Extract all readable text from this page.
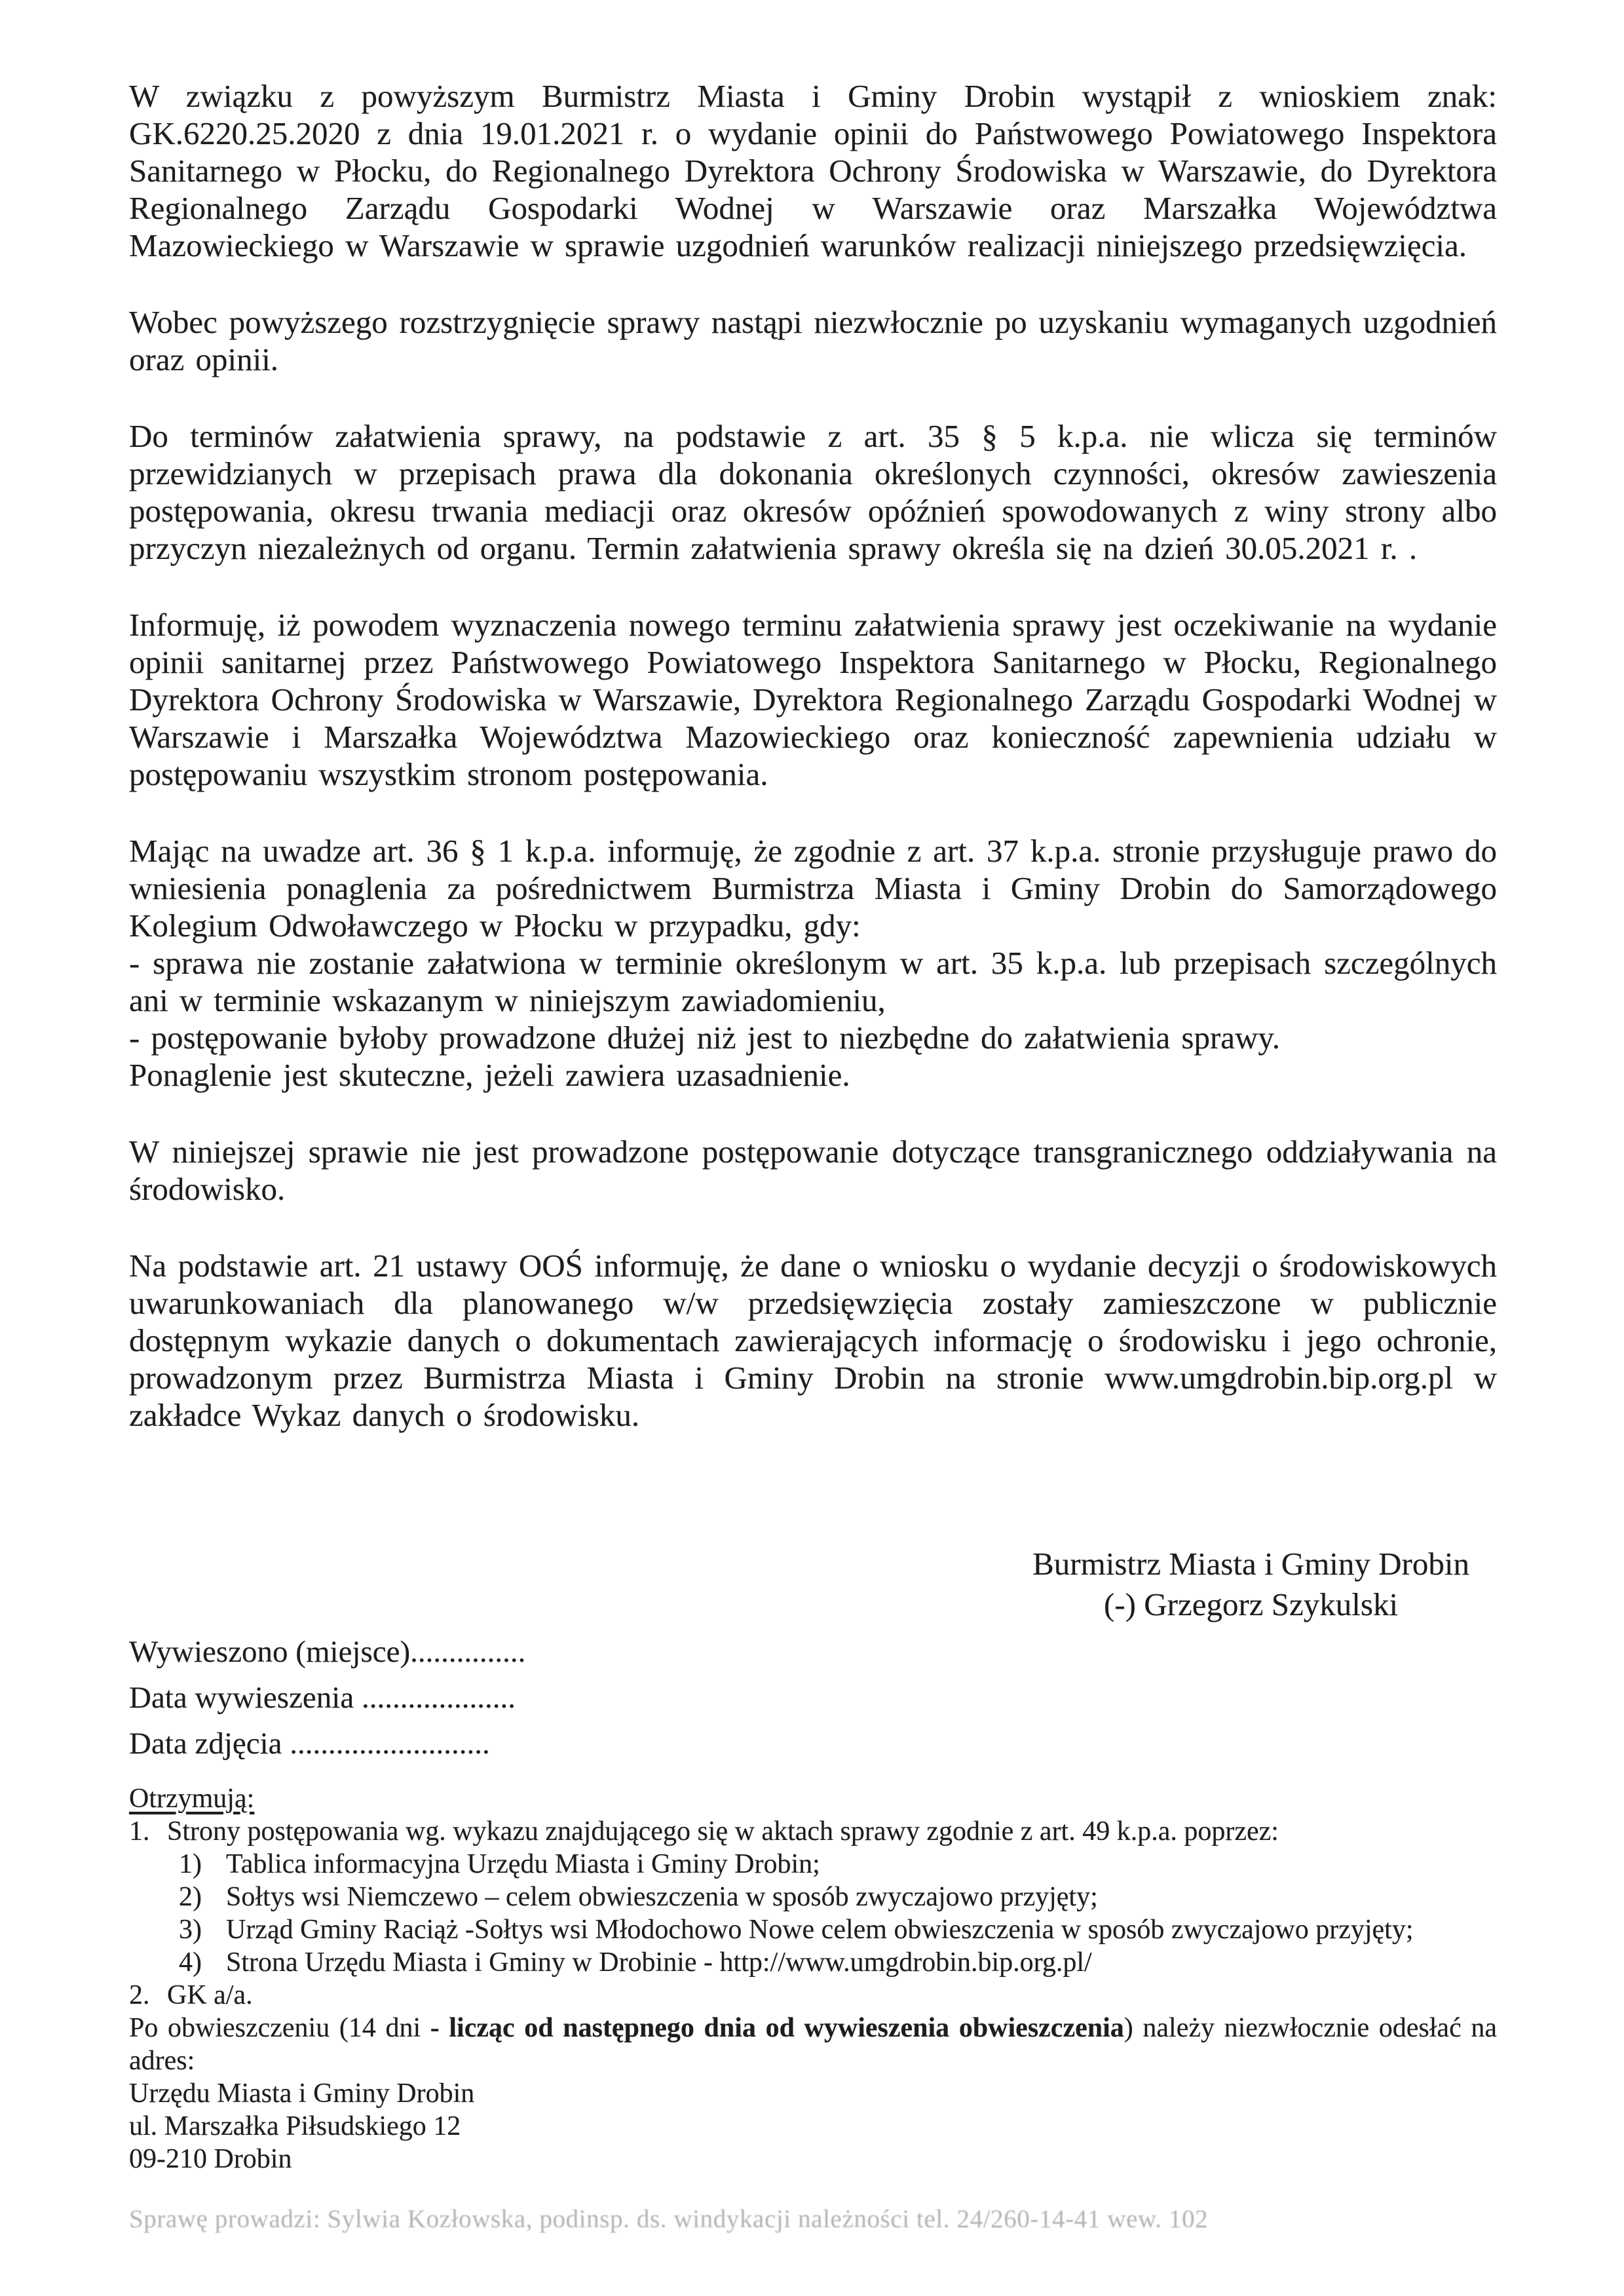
W związku z powyższym Burmistrz Miasta i Gminy Drobin wystąpił z wnioskiem znak: GK.6220.25.2020 z dnia 19.01.2021 r. o wydanie opinii do Państwowego Powiatowego Inspektora Sanitarnego w Płocku, do Regionalnego Dyrektora Ochrony Środowiska w Warszawie, do Dyrektora Regionalnego Zarządu Gospodarki Wodnej w Warszawie oraz Marszałka Województwa Mazowieckiego w Warszawie w sprawie uzgodnień warunków realizacji niniejszego przedsięwzięcia.
Wobec powyższego rozstrzygnięcie sprawy nastąpi niezwłocznie po uzyskaniu wymaganych uzgodnień oraz opinii.
Do terminów załatwienia sprawy, na podstawie z art. 35 § 5 k.p.a. nie wlicza się terminów przewidzianych w przepisach prawa dla dokonania określonych czynności, okresów zawieszenia postępowania, okresu trwania mediacji oraz okresów opóźnień spowodowanych z winy strony albo przyczyn niezależnych od organu. Termin załatwienia sprawy określa się na dzień 30.05.2021 r. .
Informuję, iż powodem wyznaczenia nowego terminu załatwienia sprawy jest oczekiwanie na wydanie opinii sanitarnej przez Państwowego Powiatowego Inspektora Sanitarnego w Płocku, Regionalnego Dyrektora Ochrony Środowiska w Warszawie, Dyrektora Regionalnego Zarządu Gospodarki Wodnej w Warszawie i Marszałka Województwa Mazowieckiego oraz konieczność zapewnienia udziału w postępowaniu wszystkim stronom postępowania.
Mając na uwadze art. 36 § 1 k.p.a. informuję, że zgodnie z art. 37 k.p.a. stronie przysługuje prawo do wniesienia ponaglenia za pośrednictwem Burmistrza Miasta i Gminy Drobin do Samorządowego Kolegium Odwoławczego w Płocku w przypadku, gdy:
- sprawa nie zostanie załatwiona w terminie określonym w art. 35 k.p.a. lub przepisach szczególnych ani w terminie wskazanym w niniejszym zawiadomieniu,
- postępowanie byłoby prowadzone dłużej niż jest to niezbędne do załatwienia sprawy.
Ponaglenie jest skuteczne, jeżeli zawiera uzasadnienie.
W niniejszej sprawie nie jest prowadzone postępowanie dotyczące transgranicznego oddziaływania na środowisko.
Na podstawie art. 21 ustawy OOŚ informuję, że dane o wniosku o wydanie decyzji o środowiskowych uwarunkowaniach dla planowanego w/w przedsięwzięcia zostały zamieszczone w publicznie dostępnym wykazie danych o dokumentach zawierających informację o środowisku i jego ochronie, prowadzonym przez Burmistrza Miasta i Gminy Drobin na stronie www.umgdrobin.bip.org.pl w zakładce Wykaz danych o środowisku.
Burmistrz Miasta i Gminy Drobin
(-) Grzegorz Szykulski
Wywieszono (miejsce)...............
Data wywieszenia ....................
Data zdjęcia ..........................
Otrzymują:
1. Strony postępowania wg. wykazu znajdującego się w aktach sprawy zgodnie z art. 49 k.p.a. poprzez:
1) Tablica informacyjna Urzędu Miasta i Gminy Drobin;
2) Sołtys wsi Niemczewo – celem obwieszczenia w sposób zwyczajowo przyjęty;
3) Urząd Gminy Raciąż -Sołtys wsi Młodochowo Nowe celem obwieszczenia w sposób zwyczajowo przyjęty;
4) Strona Urzędu Miasta i Gminy w Drobinie - http://www.umgdrobin.bip.org.pl/
2. GK a/a.
Po obwieszczeniu (14 dni - licząc od następnego dnia od wywieszenia obwieszczenia) należy niezwłocznie odesłać na adres:
Urzędu Miasta i Gminy Drobin
ul. Marszałka Piłsudskiego 12
09-210 Drobin
Sprawę prowadzi: Sylwia Kozłowska, podinsp. ds. windykacji należności tel. 24/260-14-41 wew. 102
